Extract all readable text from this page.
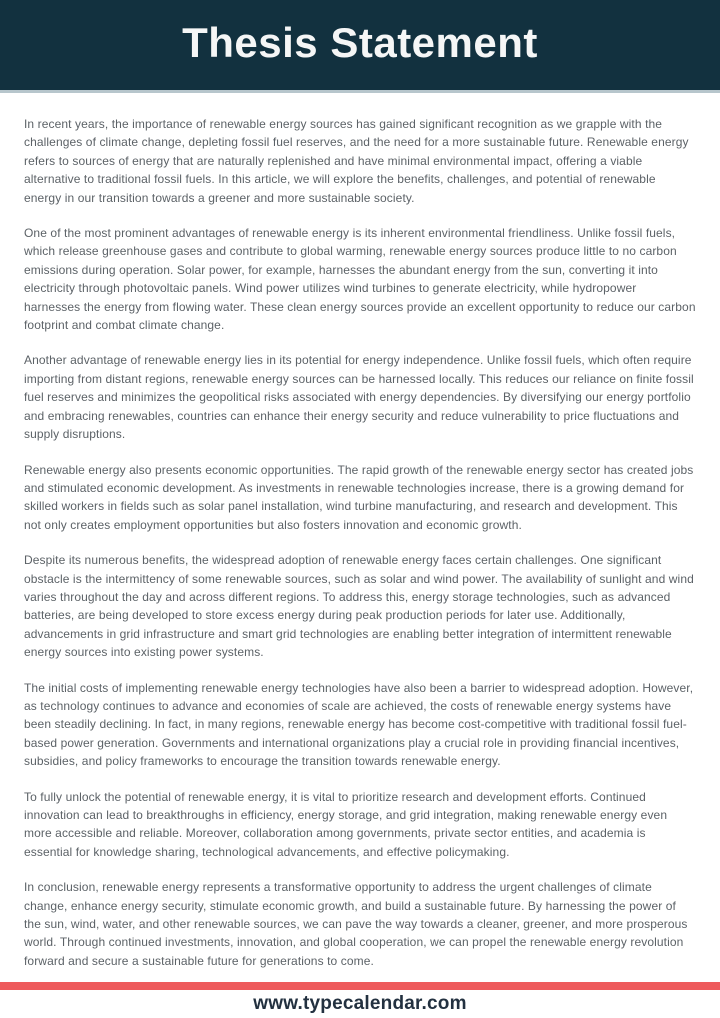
Thesis Statement

In recent years, the importance of renewable energy sources has gained significant recognition as we grapple with the challenges of climate change, depleting fossil fuel reserves, and the need for a more sustainable future. Renewable energy refers to sources of energy that are naturally replenished and have minimal environmental impact, offering a viable alternative to traditional fossil fuels. In this article, we will explore the benefits, challenges, and potential of renewable energy in our transition towards a greener and more sustainable society.

One of the most prominent advantages of renewable energy is its inherent environmental friendliness. Unlike fossil fuels, which release greenhouse gases and contribute to global warming, renewable energy sources produce little to no carbon emissions during operation. Solar power, for example, harnesses the abundant energy from the sun, converting it into electricity through photovoltaic panels. Wind power utilizes wind turbines to generate electricity, while hydropower harnesses the energy from flowing water. These clean energy sources provide an excellent opportunity to reduce our carbon footprint and combat climate change.

Another advantage of renewable energy lies in its potential for energy independence. Unlike fossil fuels, which often require importing from distant regions, renewable energy sources can be harnessed locally. This reduces our reliance on finite fossil fuel reserves and minimizes the geopolitical risks associated with energy dependencies. By diversifying our energy portfolio and embracing renewables, countries can enhance their energy security and reduce vulnerability to price fluctuations and supply disruptions.

Renewable energy also presents economic opportunities. The rapid growth of the renewable energy sector has created jobs and stimulated economic development. As investments in renewable technologies increase, there is a growing demand for skilled workers in fields such as solar panel installation, wind turbine manufacturing, and research and development. This not only creates employment opportunities but also fosters innovation and economic growth.

Despite its numerous benefits, the widespread adoption of renewable energy faces certain challenges. One significant obstacle is the intermittency of some renewable sources, such as solar and wind power. The availability of sunlight and wind varies throughout the day and across different regions. To address this, energy storage technologies, such as advanced batteries, are being developed to store excess energy during peak production periods for later use. Additionally, advancements in grid infrastructure and smart grid technologies are enabling better integration of intermittent renewable energy sources into existing power systems.

The initial costs of implementing renewable energy technologies have also been a barrier to widespread adoption. However, as technology continues to advance and economies of scale are achieved, the costs of renewable energy systems have been steadily declining. In fact, in many regions, renewable energy has become cost-competitive with traditional fossil fuel-based power generation. Governments and international organizations play a crucial role in providing financial incentives, subsidies, and policy frameworks to encourage the transition towards renewable energy.

To fully unlock the potential of renewable energy, it is vital to prioritize research and development efforts. Continued innovation can lead to breakthroughs in efficiency, energy storage, and grid integration, making renewable energy even more accessible and reliable. Moreover, collaboration among governments, private sector entities, and academia is essential for knowledge sharing, technological advancements, and effective policymaking.

In conclusion, renewable energy represents a transformative opportunity to address the urgent challenges of climate change, enhance energy security, stimulate economic growth, and build a sustainable future. By harnessing the power of the sun, wind, water, and other renewable sources, we can pave the way towards a cleaner, greener, and more prosperous world. Through continued investments, innovation, and global cooperation, we can propel the renewable energy revolution forward and secure a sustainable future for generations to come.

www.typecalendar.com
